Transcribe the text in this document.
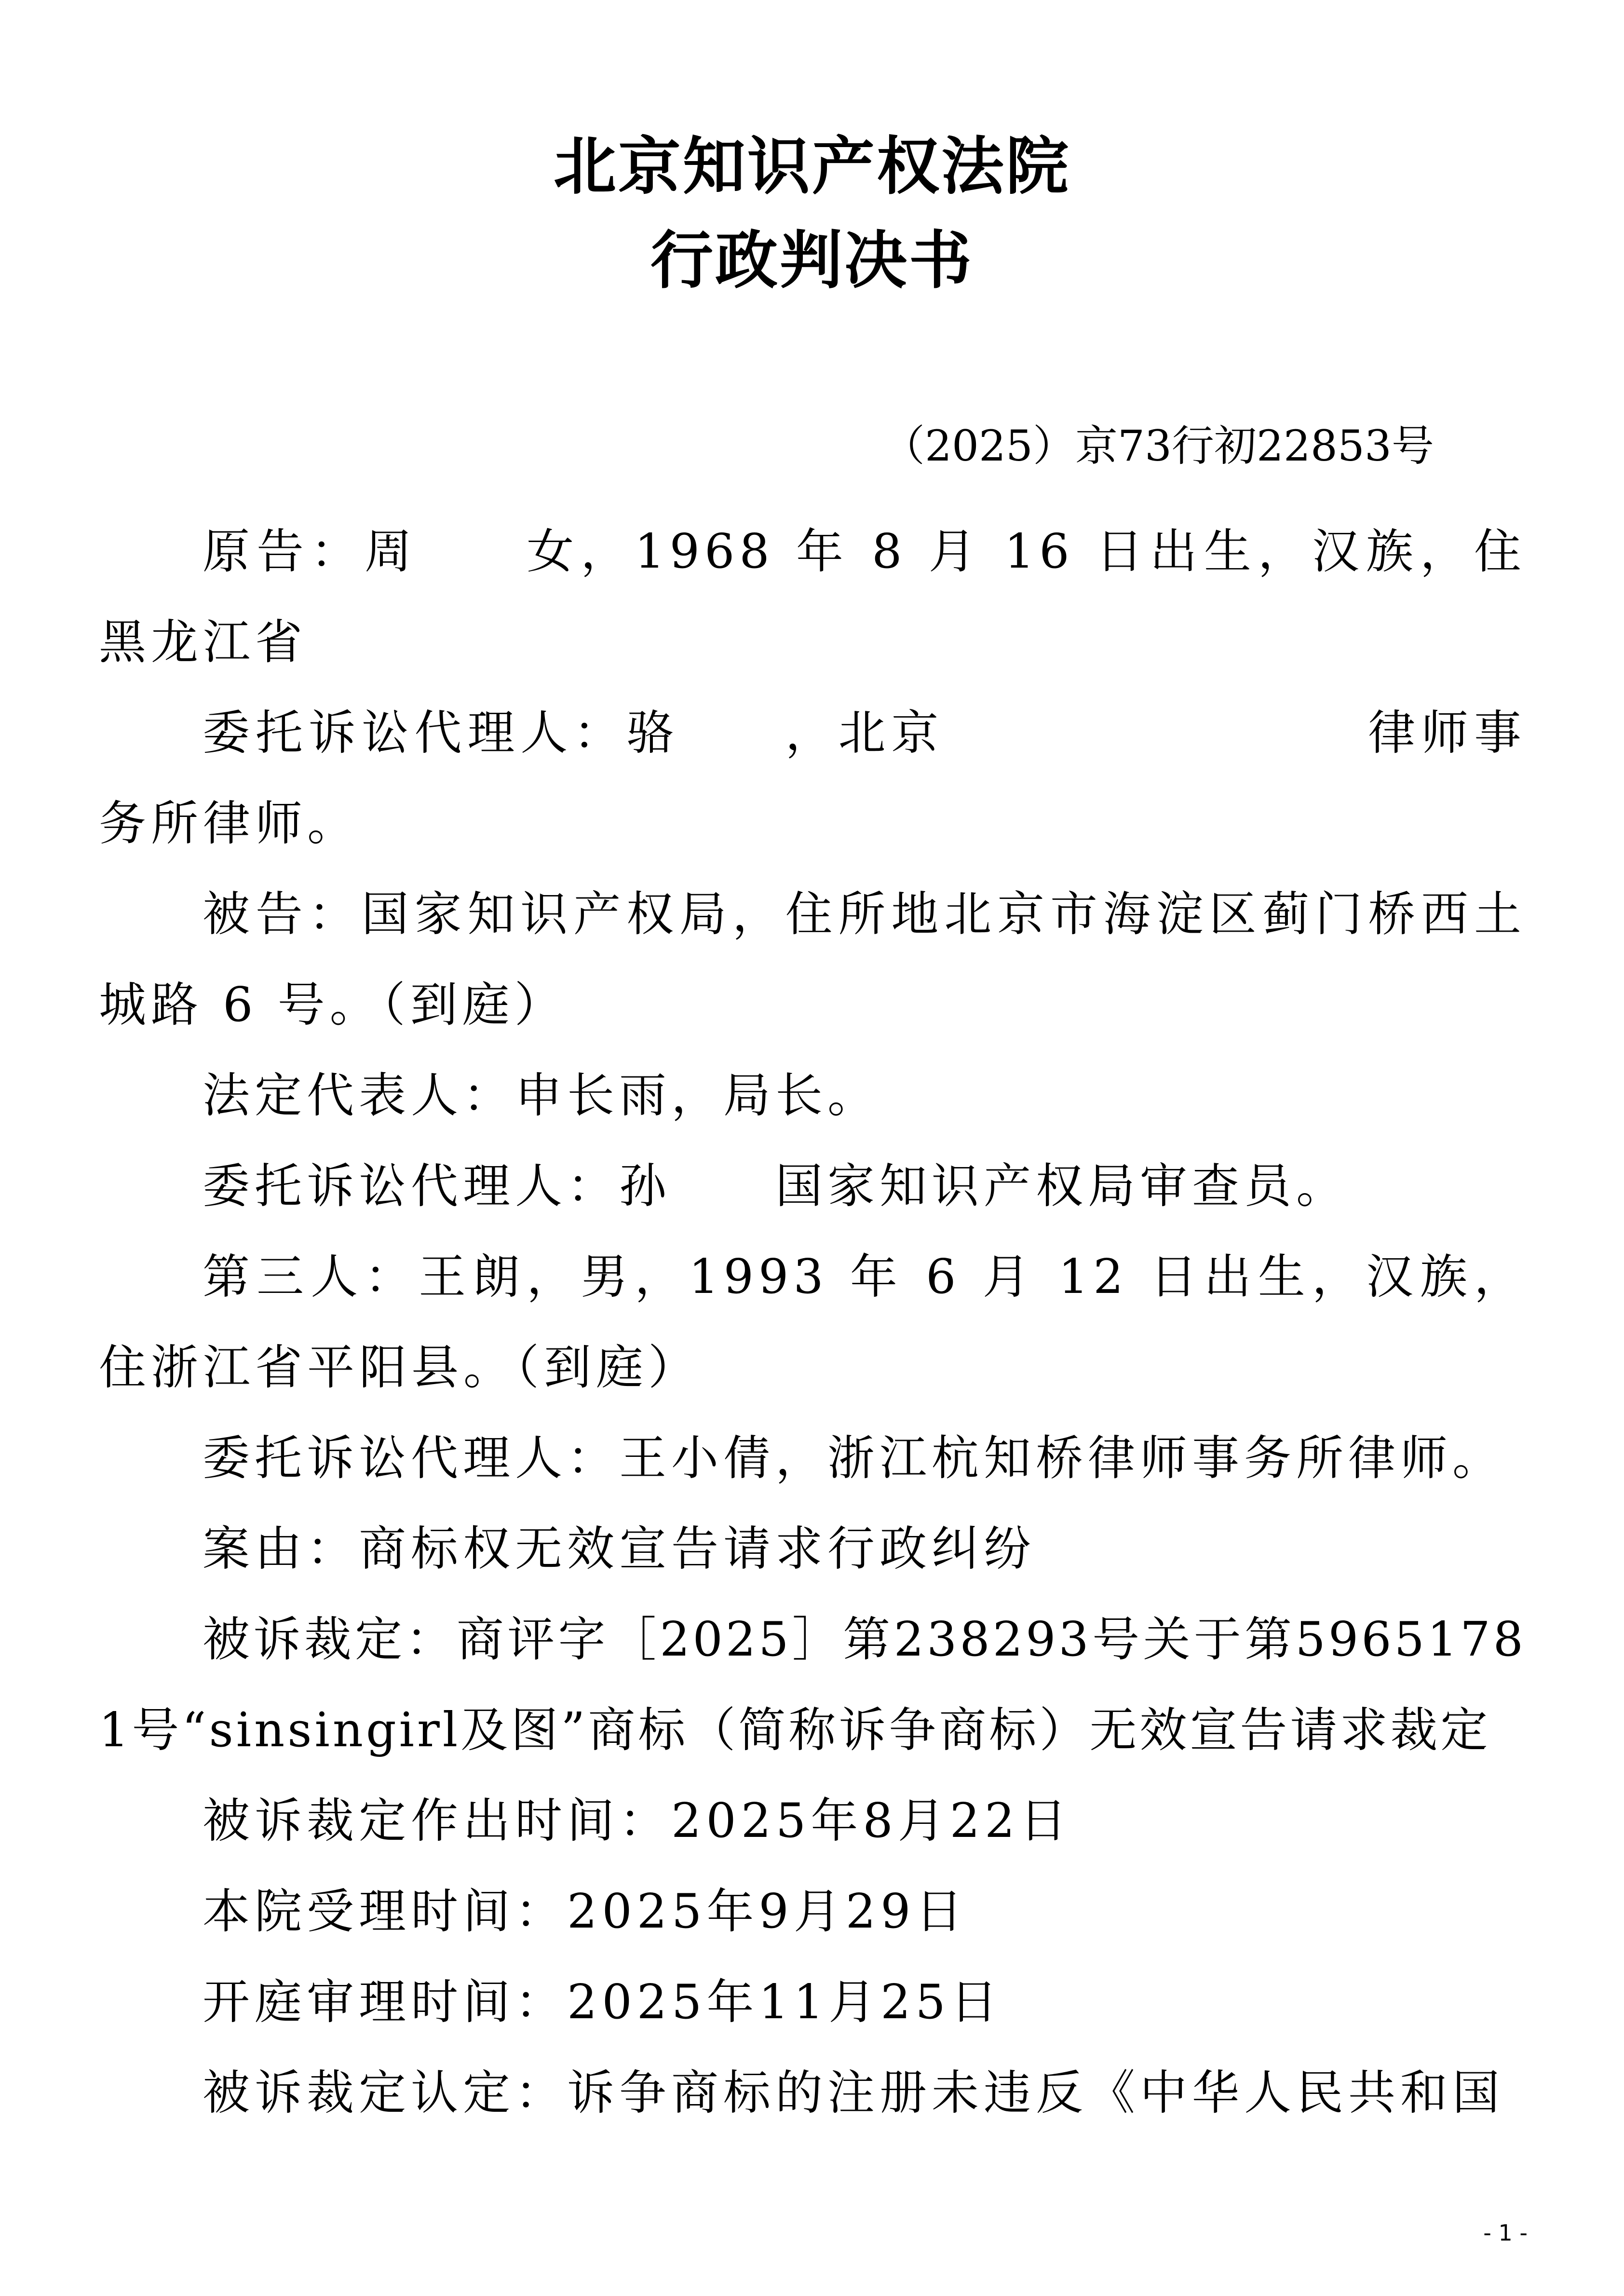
北京知识产权法院
行政判决书
（2025）京73行初22853号

原告：周　　女，1968 年 8 月 16 日出生，汉族，住黑龙江省

委托诉讼代理人：骆　　，北京　　　　　　　　律师事务所律师。

被告：国家知识产权局，住所地北京市海淀区蓟门桥西土城路 6 号。（到庭）

法定代表人：申长雨，局长。

委托诉讼代理人：孙　　国家知识产权局审查员。

第三人：王朗，男，1993 年 6 月 12 日出生，汉族，住浙江省平阳县。（到庭）

委托诉讼代理人：王小倩，浙江杭知桥律师事务所律师。

案由：商标权无效宣告请求行政纠纷

被诉裁定：商评字［2025］第238293号关于第59651781号“sinsingirl及图”商标（简称诉争商标）无效宣告请求裁定

被诉裁定作出时间：2025年8月22日

本院受理时间：2025年9月29日

开庭审理时间：2025年11月25日

被诉裁定认定：诉争商标的注册未违反《中华人民共和国

- 1 -
